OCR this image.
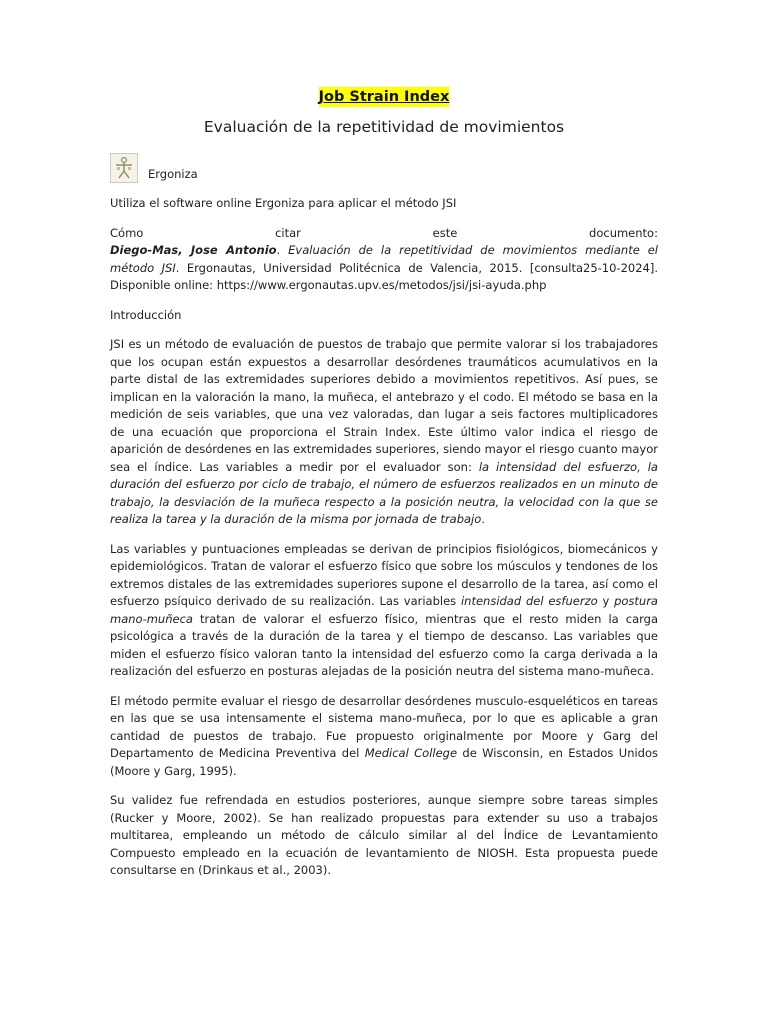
Job Strain Index
Evaluación de la repetitividad de movimientos
Ergoniza

Utiliza el software online Ergoniza para aplicar el método JSI

Cómo	citar	este	documento:

Diego-Mas, Jose Antonio. Evaluación de la repetitividad de movimientos mediante el método JSI. Ergonautas, Universidad Politécnica de Valencia, 2015. [consulta25-10-2024]. Disponible online: https://www.ergonautas.upv.es/metodos/jsi/jsi-ayuda.php

Introducción

JSI es un método de evaluación de puestos de trabajo que permite valorar si los trabajadores que los ocupan están expuestos a desarrollar desórdenes traumáticos acumulativos en la parte distal de las extremidades superiores debido a movimientos repetitivos. Así pues, se implican en la valoración la mano, la muñeca, el antebrazo y el codo. El método se basa en la medición de seis variables, que una vez valoradas, dan lugar a seis factores multiplicadores de una ecuación que proporciona el Strain Index. Este último valor indica el riesgo de aparición de desórdenes en las extremidades superiores, siendo mayor el riesgo cuanto mayor sea el índice. Las variables a medir por el evaluador son: la intensidad del esfuerzo, la duración del esfuerzo por ciclo de trabajo, el número de esfuerzos realizados en un minuto de trabajo, la desviación de la muñeca respecto a la posición neutra, la velocidad con la que se realiza la tarea y la duración de la misma por jornada de trabajo.

Las variables y puntuaciones empleadas se derivan de principios fisiológicos, biomecánicos y epidemiológicos. Tratan de valorar el esfuerzo físico que sobre los músculos y tendones de los extremos distales de las extremidades superiores supone el desarrollo de la tarea, así como el esfuerzo psíquico derivado de su realización. Las variables intensidad del esfuerzo y postura mano-muñeca tratan de valorar el esfuerzo físico, mientras que el resto miden la carga psicológica a través de la duración de la tarea y el tiempo de descanso. Las variables que miden el esfuerzo físico valoran tanto la intensidad del esfuerzo como la carga derivada a la realización del esfuerzo en posturas alejadas de la posición neutra del sistema mano-muñeca.

El método permite evaluar el riesgo de desarrollar desórdenes musculo-esqueléticos en tareas en las que se usa intensamente el sistema mano-muñeca, por lo que es aplicable a gran cantidad de puestos de trabajo. Fue propuesto originalmente por Moore y Garg del Departamento de Medicina Preventiva del Medical College de Wisconsin, en Estados Unidos (Moore y Garg, 1995).

Su validez fue refrendada en estudios posteriores, aunque siempre sobre tareas simples (Rucker y Moore, 2002). Se han realizado propuestas para extender su uso a trabajos multitarea, empleando un método de cálculo similar al del Índice de Levantamiento Compuesto empleado en la ecuación de levantamiento de NIOSH. Esta propuesta puede consultarse en (Drinkaus et al., 2003).
